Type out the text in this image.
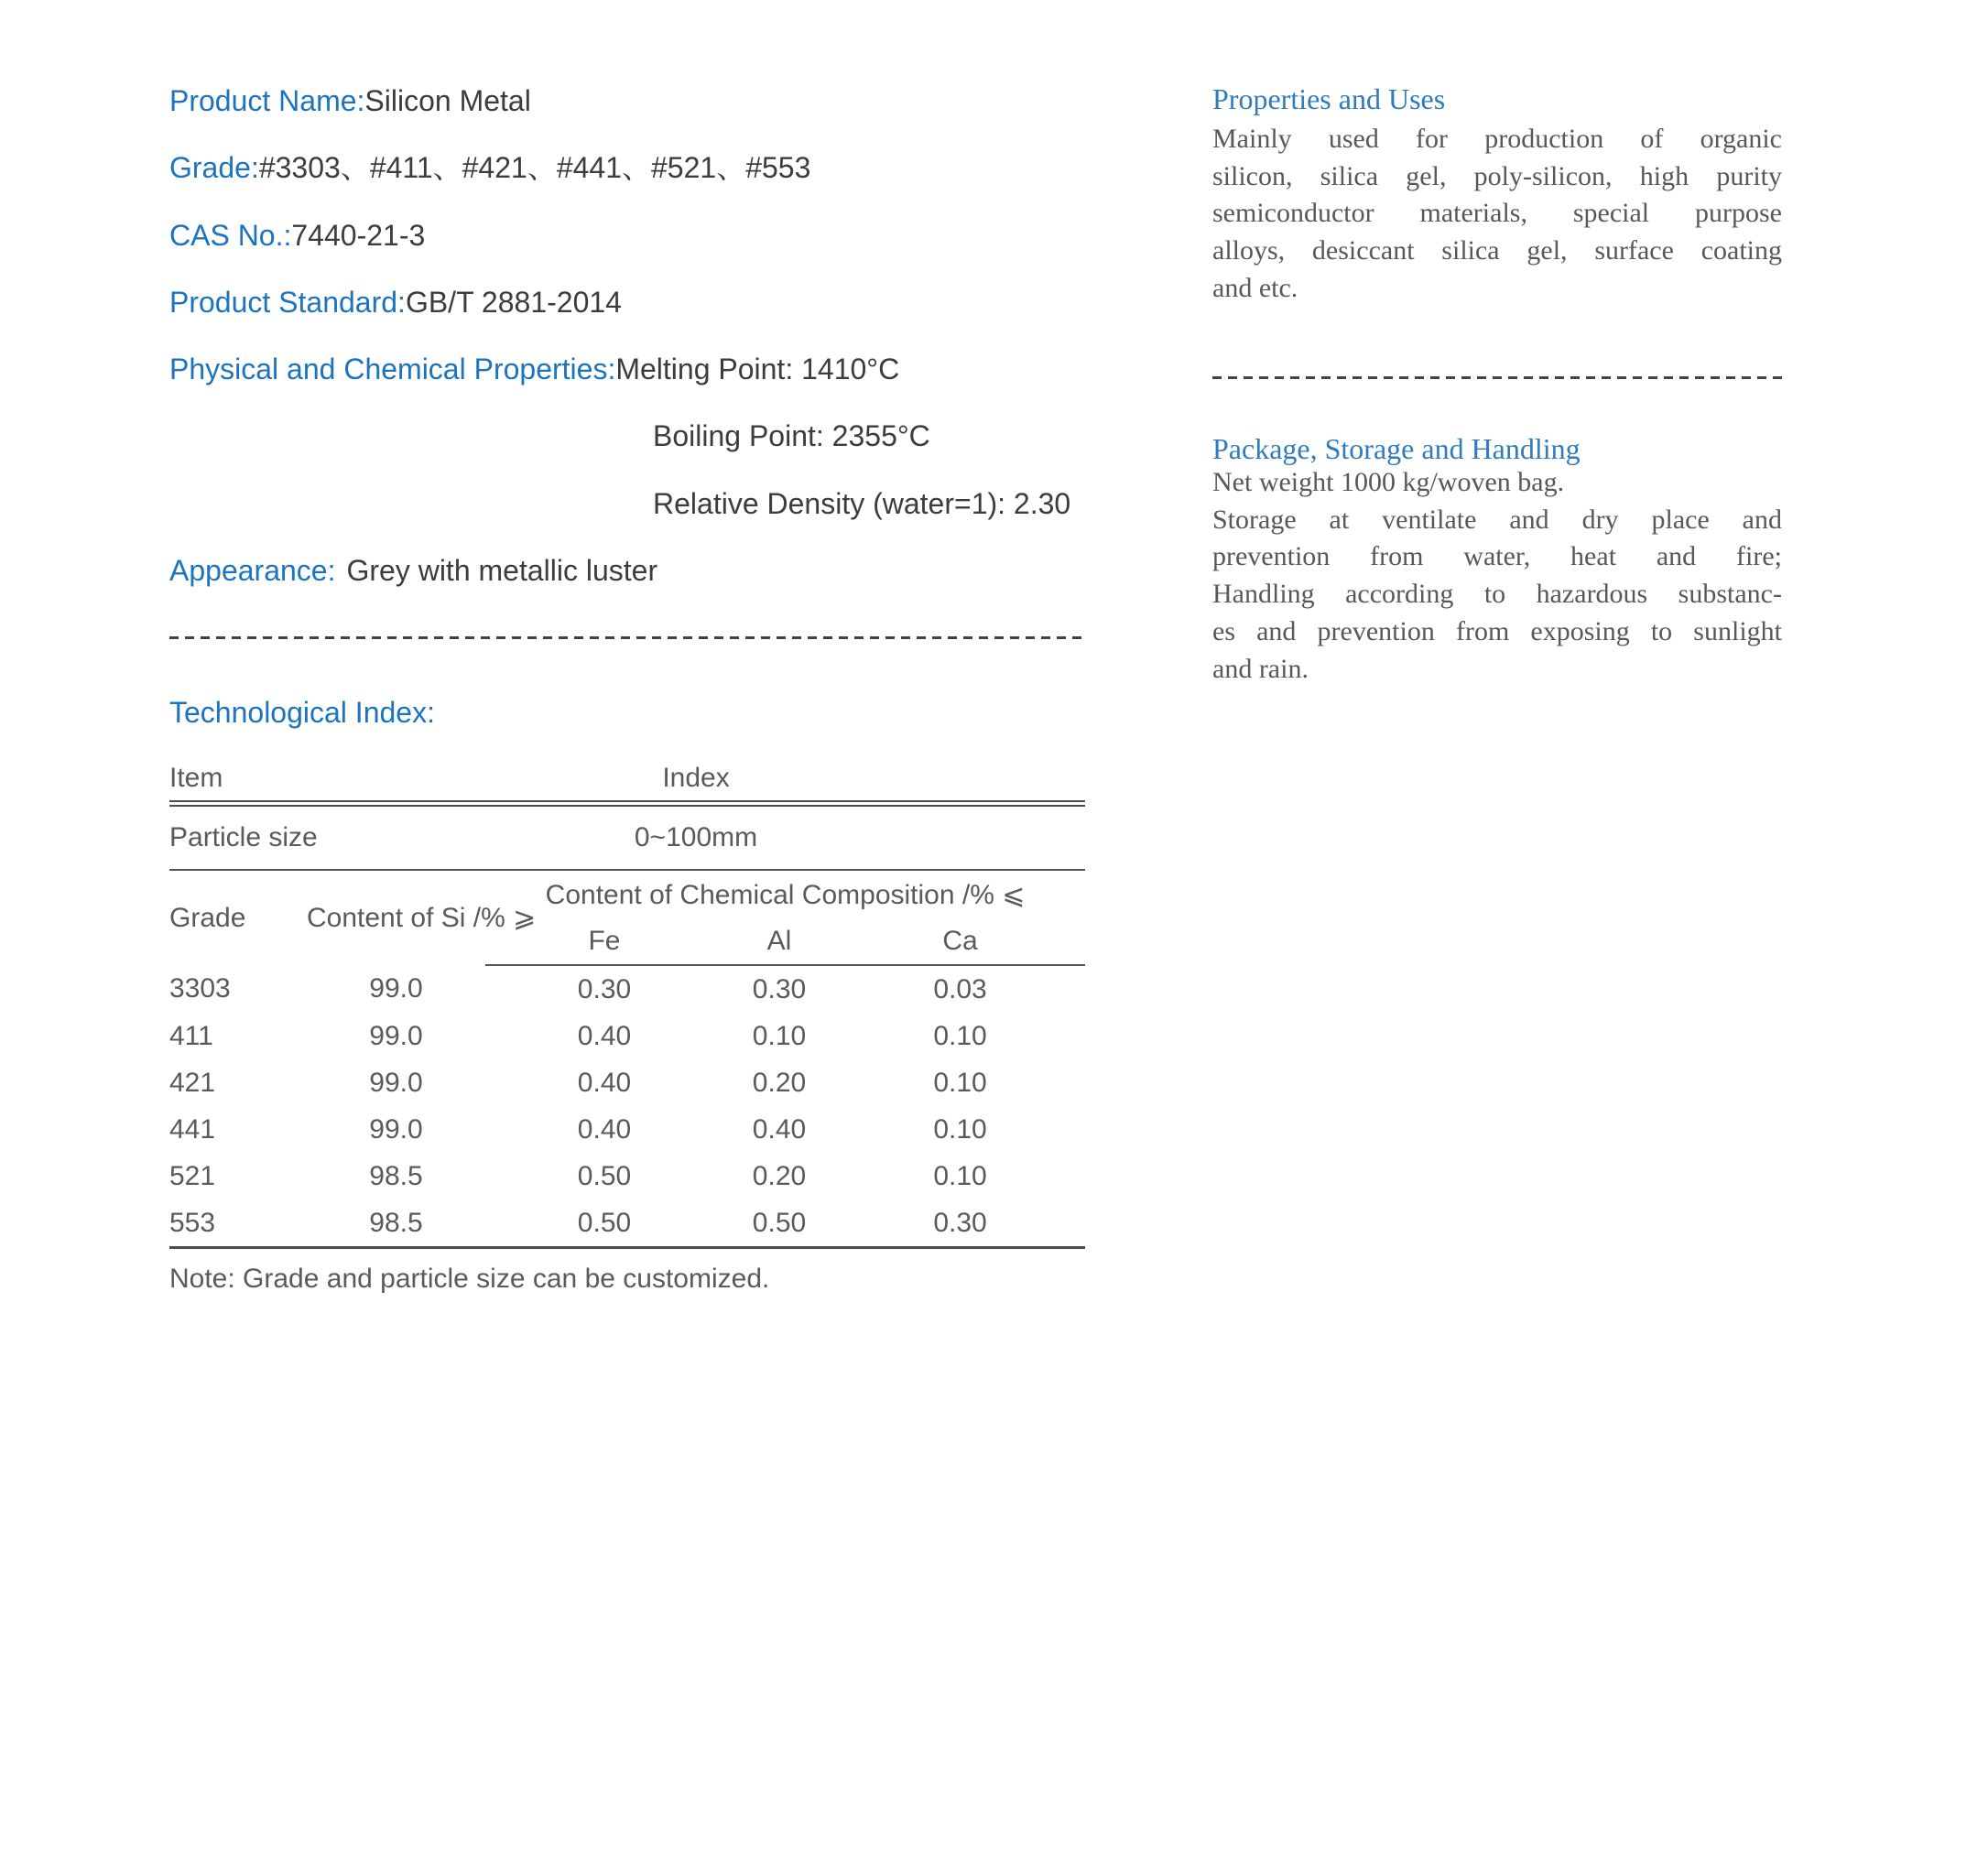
Product Name:Silicon Metal
Grade:#3303、#411、#421、#441、#521、#553
CAS No.:7440-21-3
Product Standard:GB/T 2881-2014
Physical and Chemical Properties:Melting Point: 1410°C
Boiling Point: 2355°C
Relative Density (water=1): 2.30
Appearance: Grey with metallic luster
Technological Index:
Item	Index			
Particle size	0~100mm			
Grade	Content of Si /% ⩾	Content of Chemical Composition /% ⩽		
		Fe	Al	Ca
3303	99.0	0.30	0.30	0.03
411	99.0	0.40	0.10	0.10
421	99.0	0.40	0.20	0.10
441	99.0	0.40	0.40	0.10
521	98.5	0.50	0.20	0.10
553	98.5	0.50	0.50	0.30
Note: Grade and particle size can be customized.
Properties and Uses
Mainly used for production of organic
silicon, silica gel, poly-silicon, high purity
semiconductor materials, special purpose
alloys, desiccant silica gel, surface coating
and etc.
Package, Storage and Handling
Net weight 1000 kg/woven bag.
Storage at ventilate and dry place and
prevention from water, heat and fire;
Handling according to hazardous substanc-
es and prevention from exposing to sunlight
and rain.
